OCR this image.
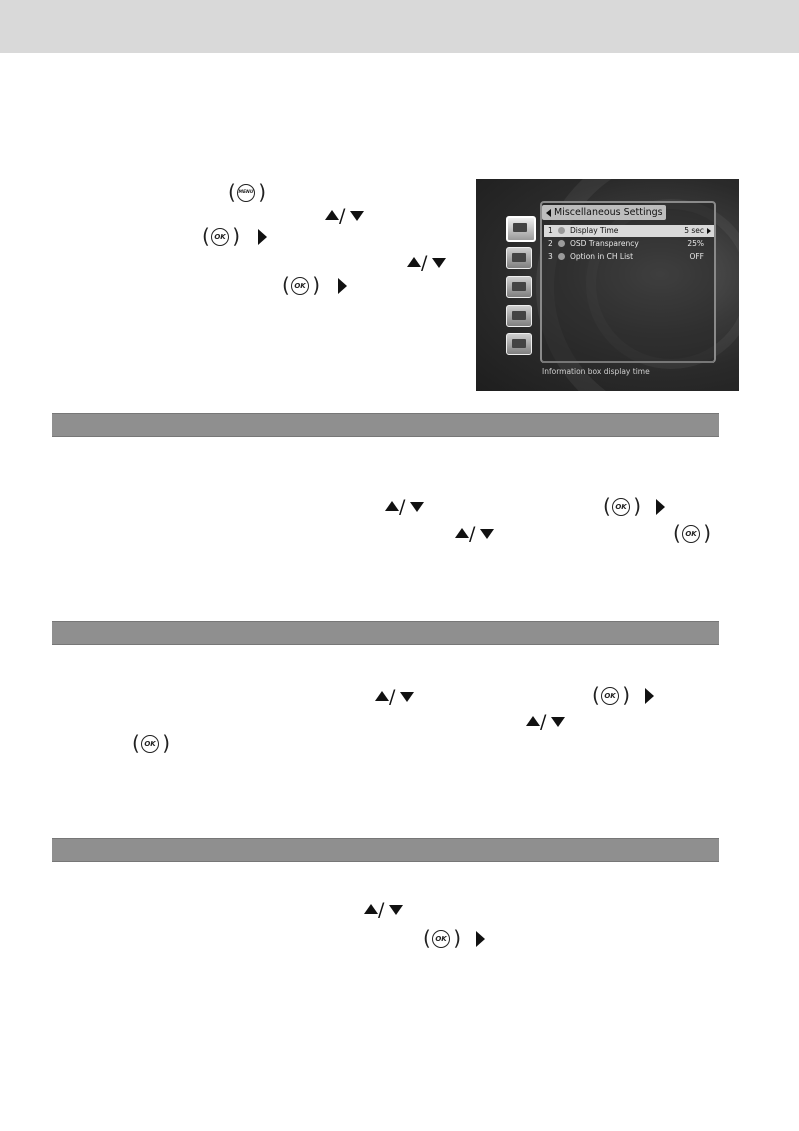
( MENU )
/
( OK )
/
( OK )
Miscellaneous Settings
1 Display Time	5 sec
2 OSD Transparency	25%
3 Option in CH List	OFF
Information box display time
/	( OK )
/	( OK )
/	( OK )
/
( OK )
/
( OK )
